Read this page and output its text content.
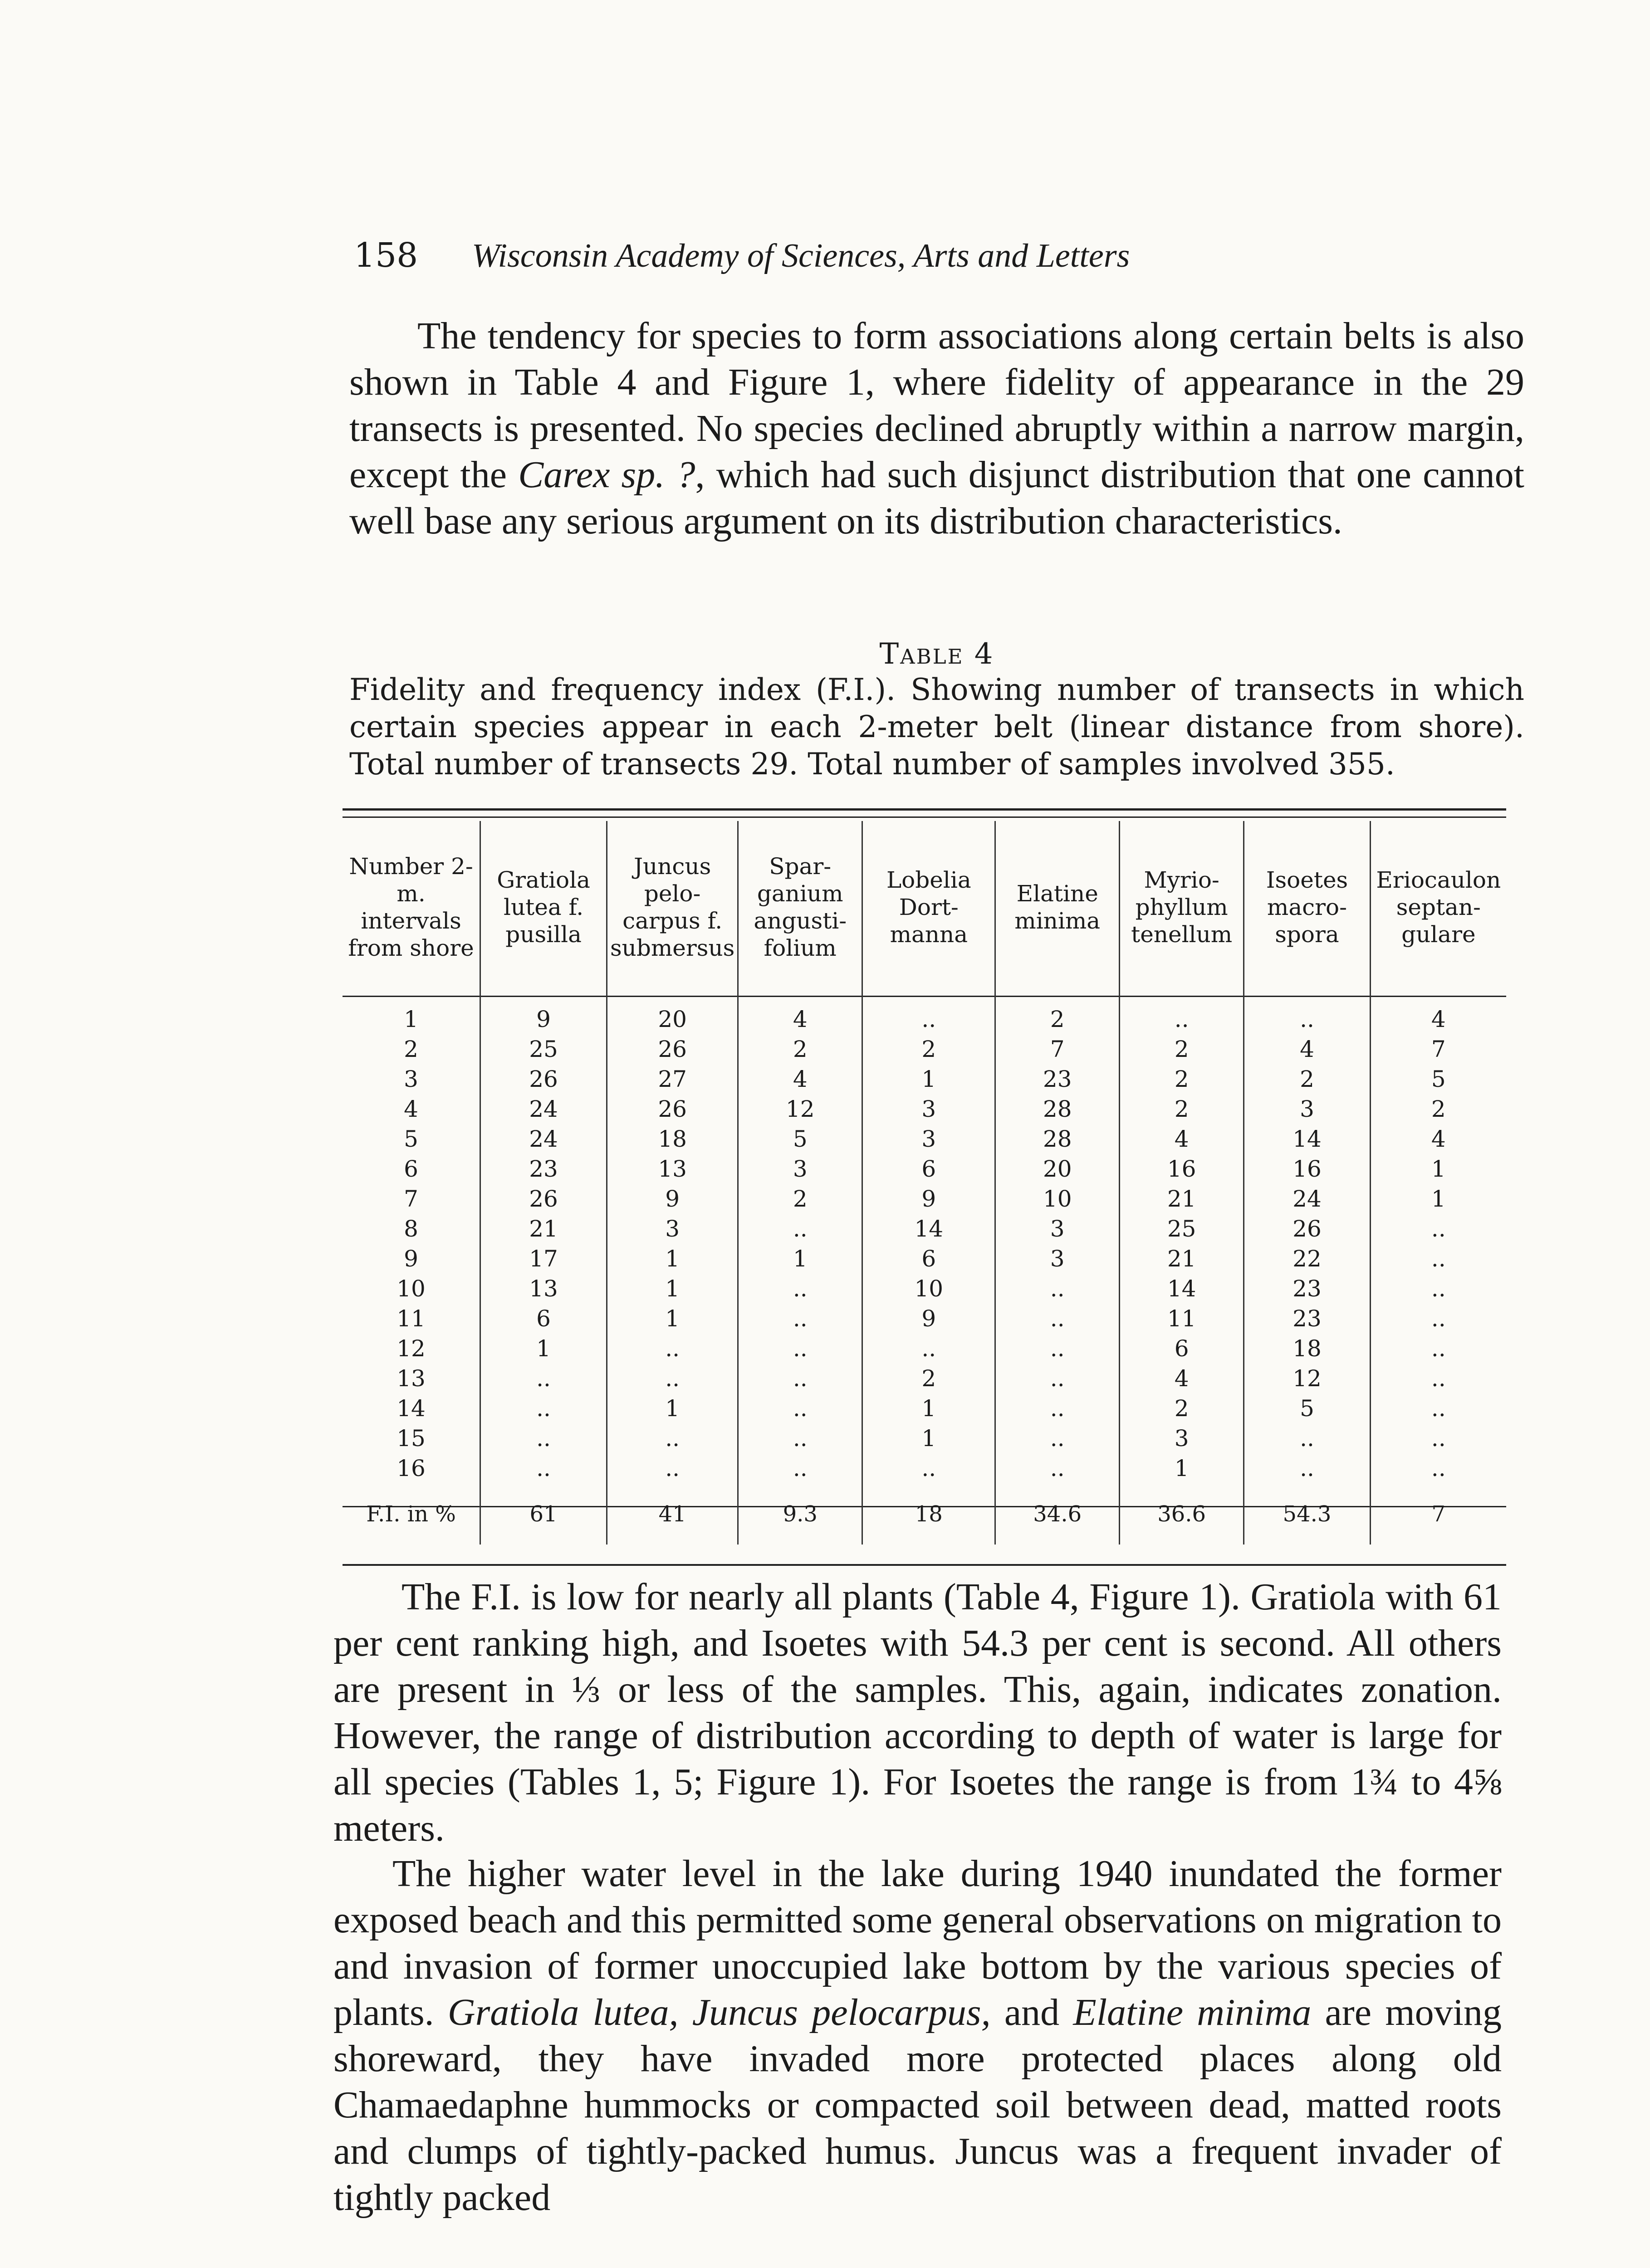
158	Wisconsin Academy of Sciences, Arts and Letters

The tendency for species to form associations along certain belts is also shown in Table 4 and Figure 1, where fidelity of appearance in the 29 transects is presented. No species declined abruptly within a narrow margin, except the Carex sp. ?, which had such disjunct distribution that one cannot well base any serious argument on its distribution characteristics.

Table 4

Fidelity and frequency index (F.I.). Showing number of transects in which certain species appear in each 2-meter belt (linear distance from shore). Total number of transects 29. Total number of samples involved 355.

Number 2-m. intervals from shore	Gratiola lutea f. pusilla	Juncus pelo- carpus f. submersus	Spar- ganium angusti- folium	Lobelia Dort- manna	Elatine minima	Myrio- phyllum tenellum	Isoetes macro- spora	Eriocaulon septan- gulare
1	9	20	4	..	2	..	..	4
2	25	26	2	2	7	2	4	7
3	26	27	4	1	23	2	2	5
4	24	26	12	3	28	2	3	2
5	24	18	5	3	28	4	14	4
6	23	13	3	6	20	16	16	1
7	26	9	2	9	10	21	24	1
8	21	3	..	14	3	25	26	..
9	17	1	1	6	3	21	22	..
10	13	1	..	10	..	14	23	..
11	6	1	..	9	..	11	23	..
12	1	..	..	..	..	6	18	..
13	..	..	..	2	..	4	12	..
14	..	1	..	1	..	2	5	..
15	..	..	..	1	..	3	..	..
16	..	..	..	..	..	1	..	..
F.I. in %	61	41	9.3	18	34.6	36.6	54.3	7

The F.I. is low for nearly all plants (Table 4, Figure 1). Gratiola with 61 per cent ranking high, and Isoetes with 54.3 per cent is second. All others are present in ⅓ or less of the samples. This, again, indicates zonation. However, the range of distribution according to depth of water is large for all species (Tables 1, 5; Figure 1). For Isoetes the range is from 1¾ to 4⅝ meters.

The higher water level in the lake during 1940 inundated the former exposed beach and this permitted some general observations on migration to and invasion of former unoccupied lake bottom by the various species of plants. Gratiola lutea, Juncus pelocarpus, and Elatine minima are moving shoreward, they have invaded more protected places along old Chamaedaphne hummocks or compacted soil between dead, matted roots and clumps of tightly-packed humus. Juncus was a frequent invader of tightly packed
